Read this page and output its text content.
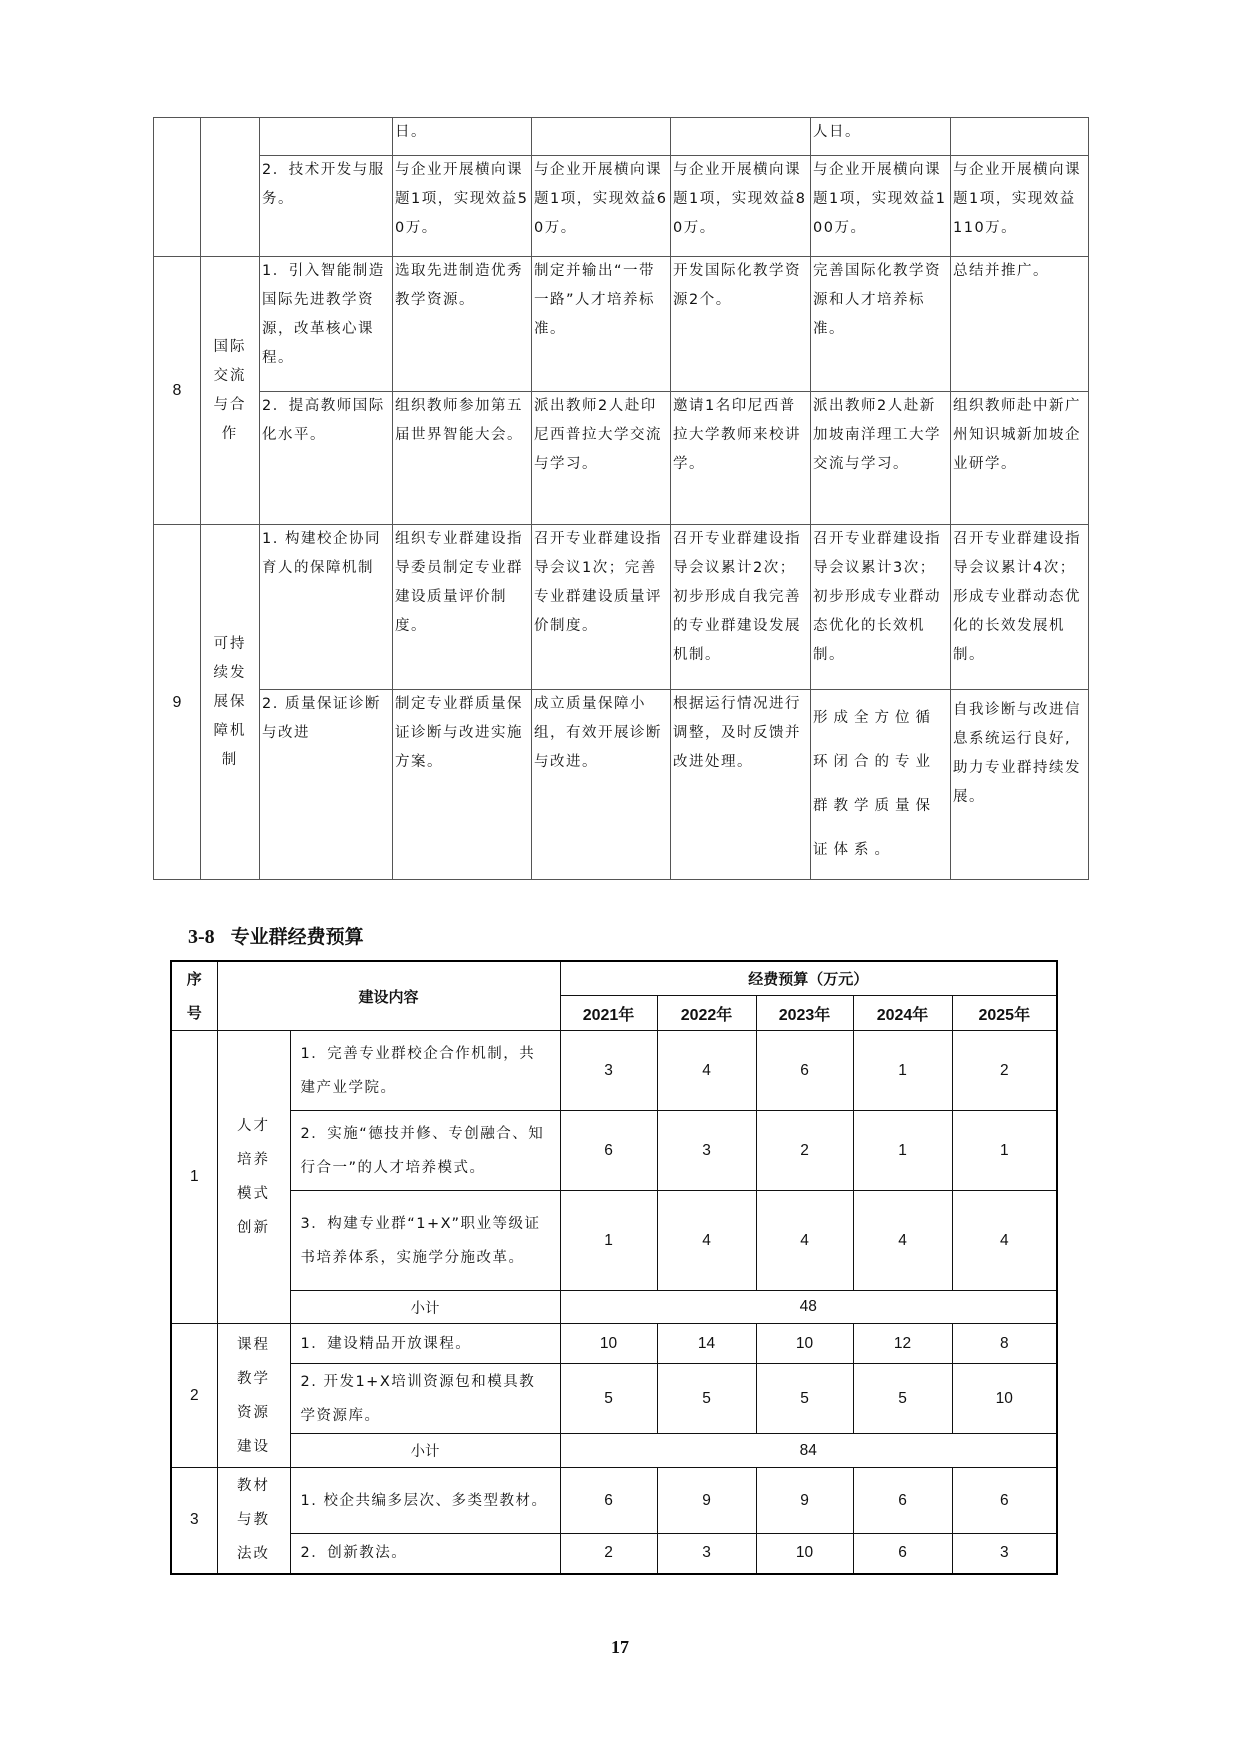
			日。			人日。	
		2．技术开发与服务。	与企业开展横向课题1项，实现效益50万。	与企业开展横向课题1项，实现效益60万。	与企业开展横向课题1项，实现效益80万。	与企业开展横向课题1项，实现效益100万。	与企业开展横向课题1项，实现效益110万。
8	国际交流与合作	1．引入智能制造国际先进教学资源，改革核心课程。	选取先进制造优秀教学资源。	制定并输出“一带一路”人才培养标准。	开发国际化教学资源2个。	完善国际化教学资源和人才培养标准。	总结并推广。
		2．提高教师国际化水平。	组织教师参加第五届世界智能大会。	派出教师2人赴印尼西普拉大学交流与学习。	邀请1名印尼西普拉大学教师来校讲学。	派出教师2人赴新加坡南洋理工大学交流与学习。	组织教师赴中新广州知识城新加坡企业研学。
9	可持续发展保障机制	1. 构建校企协同育人的保障机制	组织专业群建设指导委员制定专业群建设质量评价制度。	召开专业群建设指导会议1次；完善专业群建设质量评价制度。	召开专业群建设指导会议累计2次；初步形成自我完善的专业群建设发展机制。	召开专业群建设指导会议累计3次；初步形成专业群动态优化的长效机制。	召开专业群建设指导会议累计4次；形成专业群动态优化的长效发展机制。
		2. 质量保证诊断与改进	制定专业群质量保证诊断与改进实施方案。	成立质量保障小组，有效开展诊断与改进。	根据运行情况进行调整，及时反馈并改进处理。	形成全方位循环闭合的专业群教学质量保证体系。	自我诊断与改进信息系统运行良好, 助力专业群持续发展。
3-8 专业群经费预算
序号	建设内容		经费预算（万元）				
			2021年	2022年	2023年	2024年	2025年
1	人才培养模式创新	1．完善专业群校企合作机制，共建产业学院。	3	4	6	1	2
		2．实施“德技并修、专创融合、知行合一”的人才培养模式。	6	3	2	1	1
		3．构建专业群“1+X”职业等级证书培养体系，实施学分施改革。	1	4	4	4	4
		小计	48				
2	课程教学资源建设	1．建设精品开放课程。	10	14	10	12	8
		2. 开发1+X培训资源包和模具教学资源库。	5	5	5	5	10
		小计	84				
3	教材与教法改	1. 校企共编多层次、多类型教材。	6	9	9	6	6
		2．创新教法。	2	3	10	6	3
17
